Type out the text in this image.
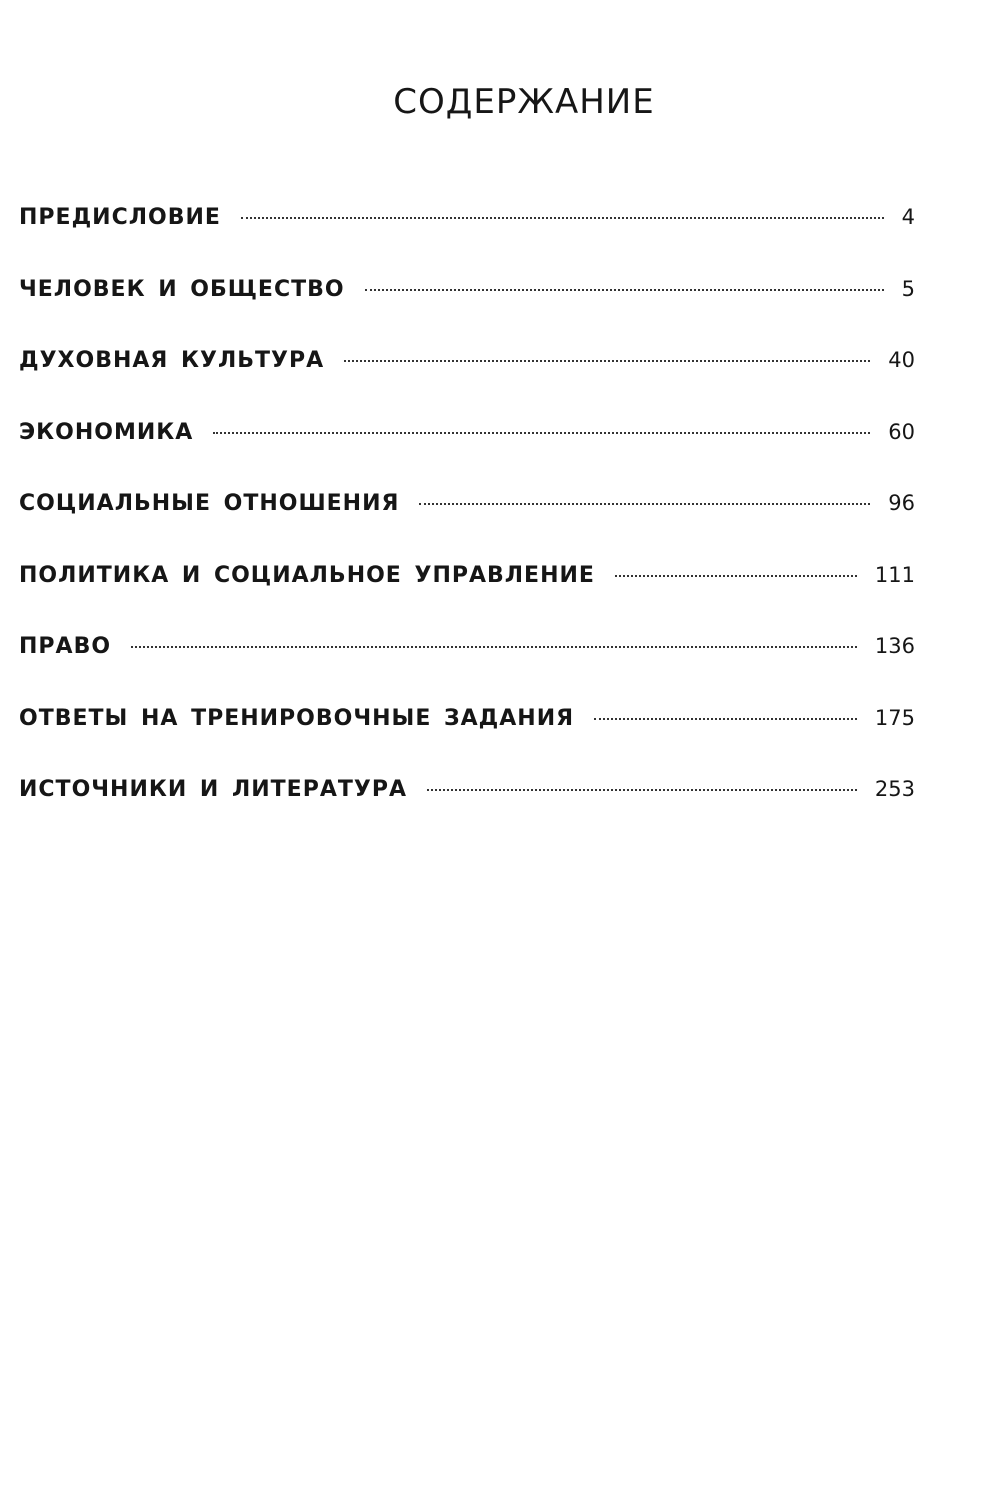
СОДЕРЖАНИЕ
ПРЕДИСЛОВИЕ	4
ЧЕЛОВЕК И ОБЩЕСТВО	5
ДУХОВНАЯ КУЛЬТУРА	40
ЭКОНОМИКА	60
СОЦИАЛЬНЫЕ ОТНОШЕНИЯ	96
ПОЛИТИКА И СОЦИАЛЬНОЕ УПРАВЛЕНИЕ	111
ПРАВО	136
ОТВЕТЫ НА ТРЕНИРОВОЧНЫЕ ЗАДАНИЯ	175
ИСТОЧНИКИ И ЛИТЕРАТУРА	253
